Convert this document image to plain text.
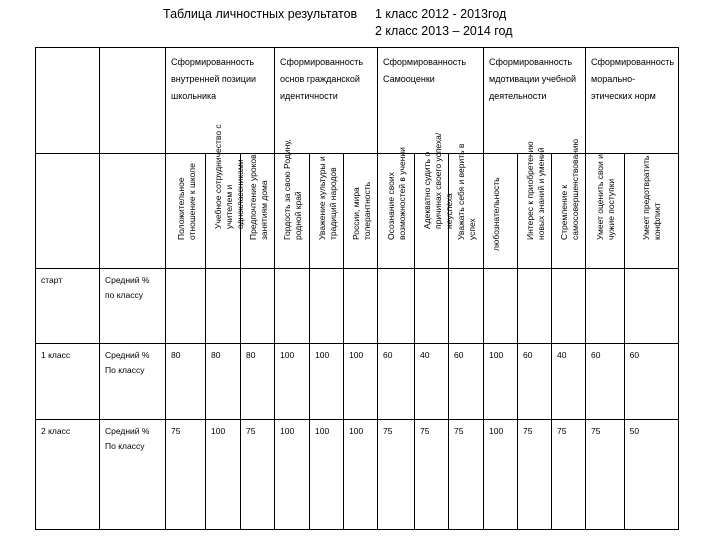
Таблица личностных результатов	1 класс 2012 - 2013год
2 класс 2013 – 2014 год
		Сформированность внутренней позиции школьника			Сформированность основ гражданской идентичности			Сформированность Самооценки			Сформированность мдотивации учебной деятельности			Сформированность морально-этических норм	

		Положительное отношение к школе	Учебное сотрудничество с учителем и одноклассниками	Предпочтение уроков занятиям дома	Гордость за свою Родину, родной край	Уважение культуры и традиций народов	России, мира толерантность	Осознание своих возможностей в учении	Адекватно судить о причинах своего успеха/неуспеха	Уважать себя и верить в успех	любознательность	Интерес к приобретению новых знаний и умений	Стремление к самосовершенствованию	Умеет оценить свои и чужие поступки	Умеет предотвратить конфликт

старт	Средний % по классу														

1 класс	Средний % По классу	80	80	80	100	100	100	60	40	60	100	60	40	60	60

2 класс	Средний % По классу	75	100	75	100	100	100	75	75	75	100	75	75	75	50
